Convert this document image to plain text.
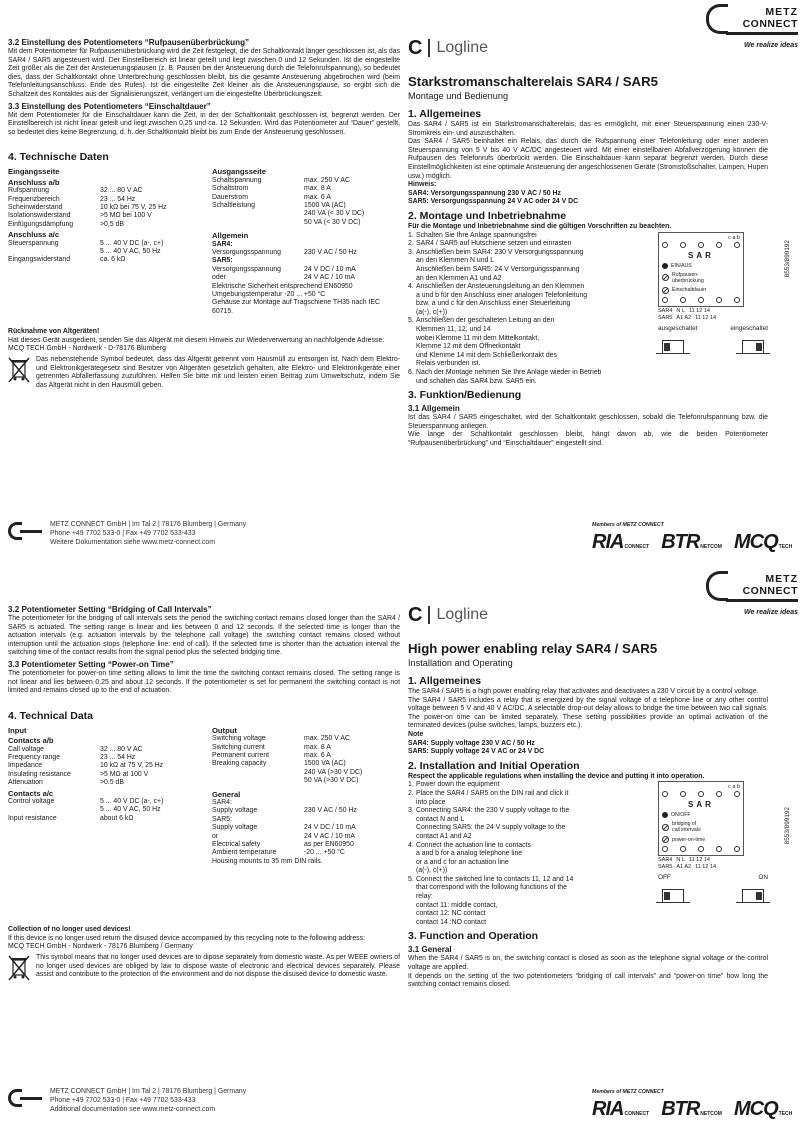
METZ
CONNECT
We realize ideas
3.2 Einstellung des Potentiometers “Rufpausenüberbrückung”
Mit dem Potentiometer für Rufpausenüberbrückung wird die Zeit festgelegt, die der Schaltkontakt länger geschlossen ist, als das SAR4 / SAR5 angesteuert wird. Der Einstellbereich ist linear geteilt und liegt zwischen 0 und 12 Sekunden. Ist die eingestellte Zeit größer als die Zeit der Ansteuerungspausen (z. B. Pausen bei der Ansteuerung durch die Telefonrufspannung), so bedeutet dies, dass der Schaltkontakt ohne Unterbrechung geschlossen bleibt, bis die gesamte Ansteuerung abgebrochen wird (beim Telefonleitungsanschluss: Ende des Rufes). Ist die eingestellte Zeit kleiner als die Ansteuerungspause, so ergibt sich die Schaltzeit des Kontaktes aus der Signalisierungszeit, verlängert um die eingestellte Überbrückungszeit.
3.3 Einstellung des Potentiometers “Einschaltdauer”
Mit dem Potentiometer für die Einschaltdauer kann die Zeit, in der der Schaltkontakt geschlossen ist, begrenzt werden. Der Einstellbereich ist nicht linear geteilt und liegt zwischen 0,25 und ca. 12 Sekunden. Wird das Potentiometer auf “Dauer” gestellt, so bedeutet dies keine Begrenzung, d. h. der Schaltkontakt bleibt bis zum Ende der Ansteuerung geschlossen.
4. Technische Daten
Eingangsseite
Anschluss a/b
Rufspannung	32 ... 80 V AC
Frequenzbereich	23 ... 54 Hz
Scheinwiderstand	10 kΩ bei 75 V, 25 Hz
Isolationswiderstand	>5 MΩ bei 100 V
Einfügungsdämpfung	>0,5 dB
Anschluss a/c
Steuerspannung	5 ... 40 V DC (a-, c+)
5 ... 40 V AC, 50 Hz
Eingangswiderstand	ca. 6 kΩ
Ausgangsseite
Schaltspannung	max. 250 V AC
Schaltstrom	max. 8 A
Dauerstrom	max. 6 A
Schaltleistung	1500 VA (AC)
240 VA (< 30 V DC)
50 VA (< 30 V DC)
Allgemein
SAR4:
Versorgungsspannung	230 V AC / 50 Hz
SAR5:
Versorgungsspannung	24 V DC / 10 mA
oder	24 V AC / 10 mA
Elektrische Sicherheit entsprechend EN60950
Umgebungstemperatur -20 ... +50 °C
Gehäuse zur Montage auf Tragschiene TH35 nach IEC 60715.
Rücknahme von Altgeräten!
Hat dieses Gerät ausgedient, senden Sie das Altgerät mit diesem Hinweis zur Wiederverwertung an nachfolgende Adresse:
MCQ TECH GmbH - Nordwerk - D-78176 Blumberg
Das nebenstehende Symbol bedeutet, dass das Altgerät getrennt vom Hausmüll zu entsorgen ist. Nach dem Elektro- und Elektronikgerätegesetz sind Besitzer von Altgeräten gesetzlich gehalten, alte Elektro- und Elektronikgeräte einer getrennten Abfallerfassung zuzuführen. Helfen Sie bitte mit und leisten einen Beitrag zum Umweltschutz, indem Sie das Altgerät nicht in den Hausmüll geben.
C Logline
Starkstromanschalterelais SAR4 / SAR5
Montage und Bedienung
1. Allgemeines
Das SAR4 / SAR5 ist ein Starkstromanschalterelais, das es ermöglicht, mit einer Steuerspannung einen 230-V-Stromkreis ein- und auszuschalten.
Das SAR4 / SAR5 beinhaltet ein Relais, das durch die Rufspannung einer Telefonleitung oder einer anderen Steuerspannung von 5 V bis 40 V AC/DC angesteuert wird. Mit einer einstellbaren Abfallverzögerung können die Rufpausen des Telefonrufs überbrückt werden. Die Einschaltdauer kann separat begrenzt werden. Durch diese Einstellmöglichkeiten ist eine optimale Ansteuerung der angeschlossenen Geräte (Stromstoßschalter, Lampen, Hupen usw.) möglich.
Hinweis:
SAR4: Versorgungsspannung 230 V AC / 50 Hz
SAR5: Versorgungsspannung 24 V AC oder 24 V DC
2. Montage und Inbetriebnahme
Für die Montage und Inbetriebnahme sind die gültigen Vorschriften zu beachten.
1. Schalten Sie Ihre Anlage spannungsfrei
2. SAR4 / SAR5 auf Hutschiene setzen und einrasten
3. Anschließen beim SAR4: 230 V Versorgungsspannung
an den Klemmen N und L
Anschließen beim SAR5: 24 V Versorgungsspannung
an den Klemmen A1 und A2
4. Anschließen der Ansteuerungsleitung an den Klemmen
a und b für den Anschluss einer analogen Telefonleitung
bzw. a und c für den Anschluss einer Steuerleitung
(a(-), c(+))
5. Anschließen der geschalteten Leitung an den
Klemmen 11, 12, und 14
wobei Klemme 11 mit dem Mittelkontakt,
Klemme 12 mit dem Öffnerkontakt
und Klemme 14 mit dem Schließerkontakt des
Relais verbunden ist.
6. Nach der Montage nehmen Sie Ihre Anlage wieder in Betrieb
und schalten das SAR4 bzw. SAR5 ein.
c a b
SAR
EIN/AUS
Rufpausen-
überbrückung
Einschaltdauer
SAR4 N L 11 12 14
SAR5 A1 A2 11 12 14
ausgeschaltet	eingeschaltet
3. Funktion/Bedienung
3.1 Allgemein
Ist das SAR4 / SAR5 eingeschaltet, wird der Schaltkontakt geschlossen, sobald die Telefonrufspannung bzw. die Steuerspannung anliegen.
Wie lange der Schaltkontakt geschlossen bleibt, hängt davon ab, wie die beiden Potentiometer “Rufpausenüberbrückung” und “Einschaltdauer” eingestellt sind.
8553/899192
METZ CONNECT GmbH | Im Tal 2 | 78176 Blumberg | Germany
Phone +49 7702 533-0 | Fax +49 7702 533-433
Weitere Dokumentation siehe www.metz-connect.com
Members of METZ CONNECT
RIA CONNECT BTR NETCOM MCQ TECH
METZ
CONNECT
We realize ideas
3.2 Potentiometer Setting “Bridging of Call Intervals”
The potentiometer for the bridging of call intervals sets the period the switching contact remains closed longer than the SAR4 / SAR5 is actuated. The setting range is linear and lies between 0 and 12 seconds. If the selected time is longer than the actuation intervals (e.g. actuation intervals by the telephone call voltage) the switching contact remains closed without interruption until the actuation stops (telephone line: end of call). If the selected time is shorter than the actuation interval the switching time of the contact results from the signal period plus the selected bridging time.
3.3 Potentiometer Setting “Power-on Time”
The potentiometer for power-on time setting allows to limit the time the switching contact remains closed. The setting range is not linear and lies between 0.25 and about 12 seconds. If the potentiometer is set for permanent the switching contact is not limited and remains closed up to the end of actuation.
4. Technical Data
Input
Contacts a/b
Call voltage	32 ... 80 V AC
Frequency range	23 ... 54 Hz
Impedance	10 kΩ at 75 V, 25 Hz
Insulating resistance	>5 MΩ at 100 V
Attenuation	>0.5 dB
Contacts a/c
Control voltage	5 ... 40 V DC (a-, c+)
5 ... 40 V AC, 50 Hz
Input resistance	about 6 kΩ
Output
Switching voltage	max. 250 V AC
Switching current	max. 8 A
Permanent current	max. 6 A
Breaking capacity	1500 VA (AC)
240 VA (>30 V DC)
50 VA (>30 V DC)
General
SAR4:
Supply voltage	230 V AC / 50 Hz
SAR5:
Supply voltage	24 V DC / 10 mA
or	24 V AC / 10 mA
Electrical safety	as per EN60950
Ambient temperature	-20 ... +50 °C
Housing mounts to 35 mm DIN rails.
Collection of no longer used devices!
If this device is no longer used return the disused device accompanied by this recycling note to the following address:
MCQ TECH GmbH - Nordwerk - 78176 Blumberg / Germany
This symbol means that no longer used devices are to dipose separately from domestic waste. As per WEEE owners of no longer used devices are obliged by law to dispose waste of electronic and electrical devices separately. Please assist and contribute to the protection of the environment and do not dispose the disused device to domestic waste.
C Logline
High power enabling relay SAR4 / SAR5
Installation and Operating
1. Allgemeines
The SAR4 / SAR5 is a high power enabling relay that activates and deactivates a 230 V circuit by a control voltage.
The SAR4 / SAR5 includes a relay that is energized by the signal voltage of a telephone line or any other control voltage between 5 V and 40 V AC/DC. A selectable drop-out delay allows to bridge the time between two call signals. The power-on time can be limited separately. These setting possibilities provide an optimal activation of the terminated devices (pulse switches, lamps, buzzers etc.).
Note
SAR4: Supply voltage 230 V AC / 50 Hz
SAR5: Supply voltage 24 V AC or 24 V DC
2. Installation and Initial Operation
Respect the applicable regulations when installing the device and putting it into operation.
1. Power down the equipment
2. Place the SAR4 / SAR5 on the DIN rail and click it
into place
3. Connecting SAR4: the 230 V supply voltage to the
contact N and L
Connecting SAR5: the 24 V supply voltage to the
contact A1 and A2
4. Connect the actuation line to contacts
a and b for a analog telephone line
or a and c for an actuation line
(a(-), c(+))
5. Connect the switched line to contacts 11, 12 and 14
that correspond with the following functions of the
relay:
contact 11: middle contact,
contact 12: NC contact
contact 14 :NO contact
c a b
SAR
ON/OFF
bridging of
call intervals
power-on-time
SAR4 N L 11 12 14
SAR5 A1 A2 11 12 14
OFF	ON
3. Function and Operation
3.1 General
When the SAR4 / SAR5 is on, the switching contact is closed as soon as the telephone signal voltage or the control voltage are applied.
It depends on the setting of the two potentiometers “bridging of call intervals” and “power-on time” how long the switching contact remains closed.
8553/899192
METZ CONNECT GmbH | Im Tal 2 | 78176 Blumberg | Germany
Phone +49 7702 533-0 | Fax +49 7702 533-433
Additional documentation see www.metz-connect.com
Members of METZ CONNECT
RIA CONNECT BTR NETCOM MCQ TECH
